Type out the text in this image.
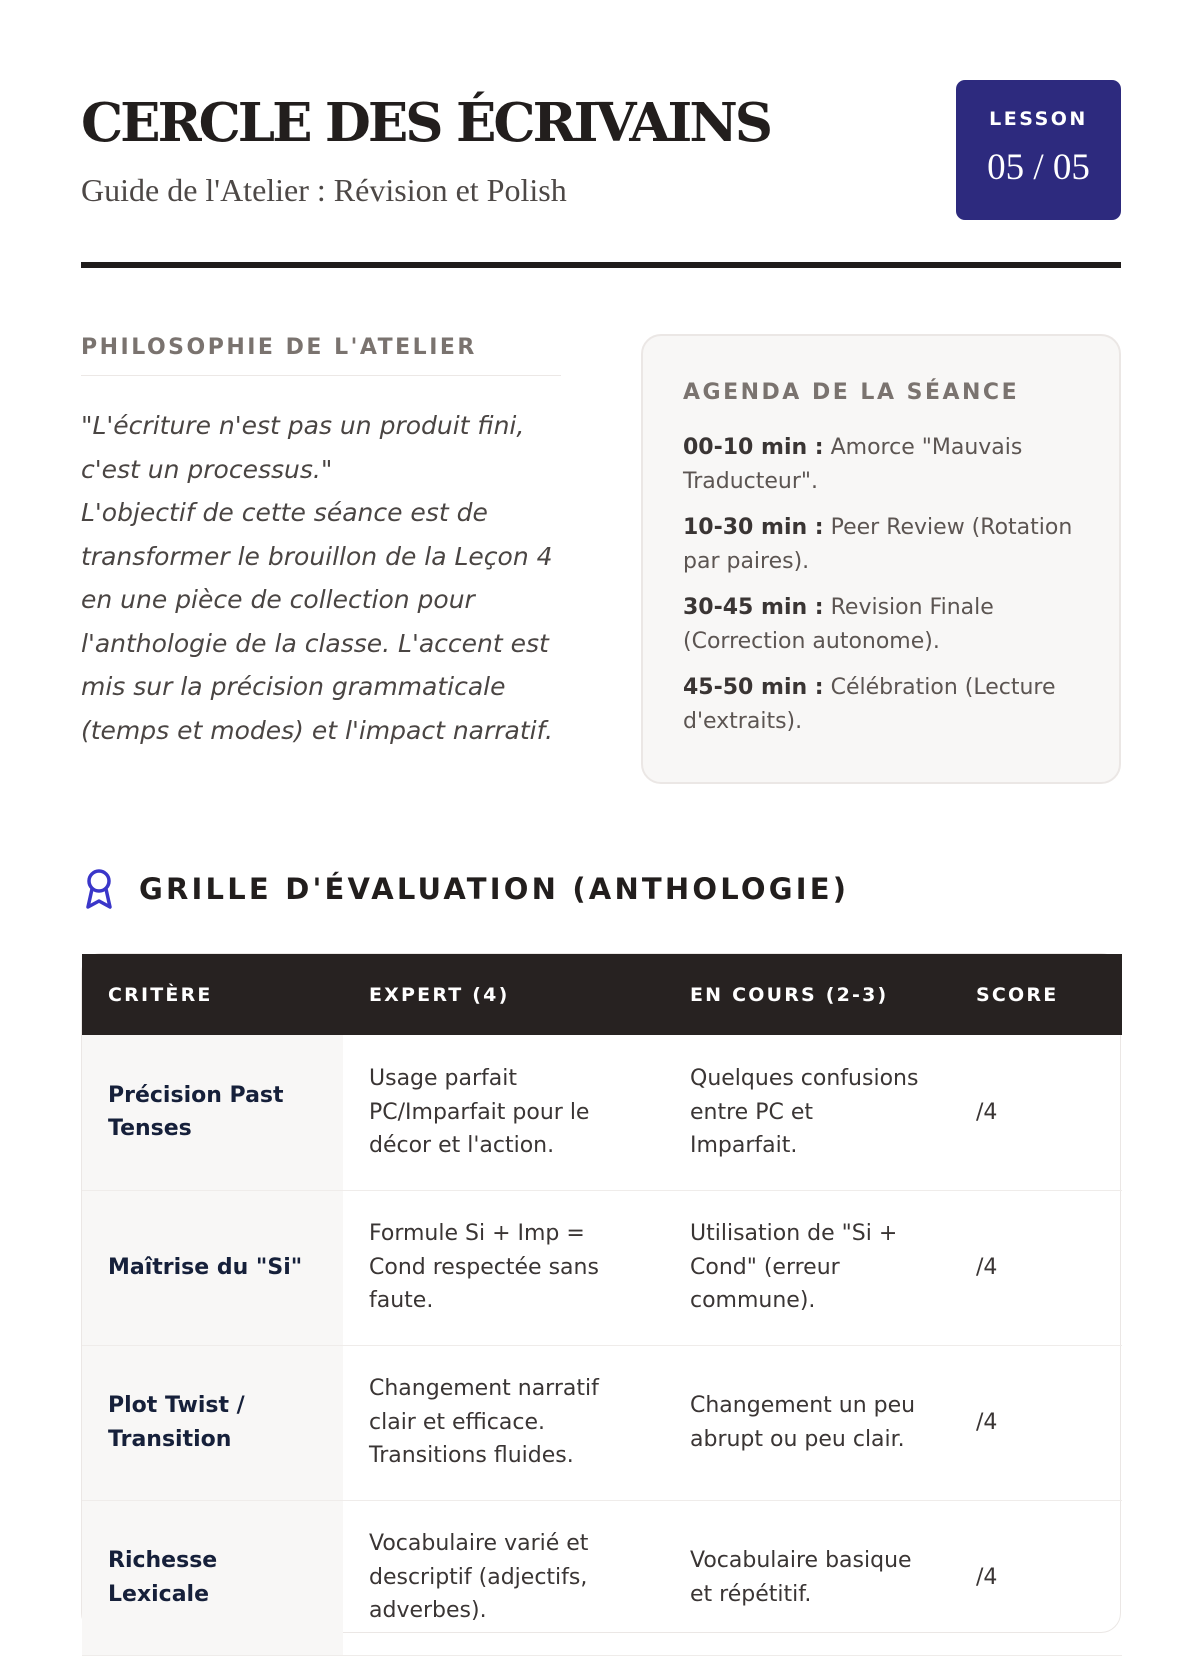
CERCLE DES ÉCRIVAINS
Guide de l'Atelier : Révision et Polish
LESSON
05 / 05
PHILOSOPHIE DE L'ATELIER

"L'écriture n'est pas un produit fini, c'est un processus."

L'objectif de cette séance est de transformer le brouillon de la Leçon 4 en une pièce de collection pour l'anthologie de la classe. L'accent est mis sur la précision grammaticale (temps et modes) et l'impact narratif.

AGENDA DE LA SÉANCE
00-10 min : Amorce "Mauvais Traducteur".
10-30 min : Peer Review (Rotation par paires).
30-45 min : Revision Finale (Correction autonome).
45-50 min : Célébration (Lecture d'extraits).
GRILLE D'ÉVALUATION (ANTHOLOGIE)
CRITÈRE	EXPERT (4)	EN COURS (2-3)	SCORE
Précision Past Tenses	Usage parfait PC/Imparfait pour le décor et l'action.	Quelques confusions entre PC et Imparfait.	/4
Maîtrise du "Si"	Formule Si + Imp = Cond respectée sans faute.	Utilisation de "Si + Cond" (erreur commune).	/4
Plot Twist / Transition	Changement narratif clair et efficace. Transitions fluides.	Changement un peu abrupt ou peu clair.	/4
Richesse Lexicale	Vocabulaire varié et descriptif (adjectifs, adverbes).	Vocabulaire basique et répétitif.	/4
